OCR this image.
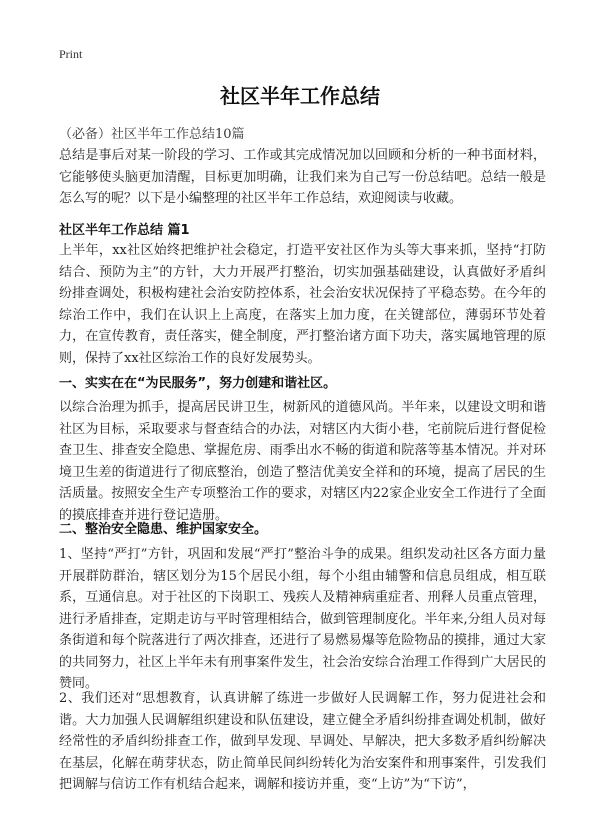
Print
社区半年工作总结
（必备）社区半年工作总结10篇
总结是事后对某一阶段的学习、工作或其完成情况加以回顾和分析的一种书面材料，它能够使头脑更加清醒，目标更加明确，让我们来为自己写一份总结吧。总结一般是怎么写的呢？以下是小编整理的社区半年工作总结，欢迎阅读与收藏。
社区半年工作总结 篇1
上半年，xx社区始终把维护社会稳定，打造平安社区作为头等大事来抓，坚持“打防结合、预防为主”的方针，大力开展严打整治，切实加强基础建设，认真做好矛盾纠纷排查调处，积极构建社会治安防控体系，社会治安状况保持了平稳态势。在今年的综治工作中，我们在认识上上高度，在落实上加力度，在关键部位，薄弱环节处着力，在宣传教育，责任落实，健全制度，严打整治诸方面下功夫，落实属地管理的原则，保持了xx社区综治工作的良好发展势头。
一、实实在在“为民服务”，努力创建和谐社区。
以综合治理为抓手，提高居民讲卫生，树新风的道德风尚。半年来，以建设文明和谐社区为目标，采取要求与督查结合的办法，对辖区内大街小巷，宅前院后进行督促检查卫生、排查安全隐患、掌握危房、雨季出水不畅的街道和院落等基本情况。并对环境卫生差的街道进行了彻底整治，创造了整洁优美安全祥和的环境，提高了居民的生活质量。按照安全生产专项整治工作的要求，对辖区内22家企业安全工作进行了全面的摸底排查并进行登记造册。
二、整治安全隐患、维护国家安全。
1、坚持“严打”方针，巩固和发展“严打”整治斗争的成果。组织发动社区各方面力量开展群防群治，辖区划分为15个居民小组，每个小组由辅警和信息员组成，相互联系，互通信息。对于社区的下岗职工、残疾人及精神病重症者、刑释人员重点管理，进行矛盾排查，定期走访与平时管理相结合，做到管理制度化。半年来,分组人员对每条街道和每个院落进行了两次排查，还进行了易燃易爆等危险物品的摸排，通过大家的共同努力，社区上半年未有刑事案件发生，社会治安综合治理工作得到广大居民的赞同。
2、我们还对“思想教育，认真讲解了练进一步做好人民调解工作，努力促进社会和谐。大力加强人民调解组织建设和队伍建设，建立健全矛盾纠纷排查调处机制，做好经常性的矛盾纠纷排查工作，做到早发现、早调处、早解决，把大多数矛盾纠纷解决在基层，化解在萌芽状态，防止简单民间纠纷转化为治安案件和刑事案件，引发我们把调解与信访工作有机结合起来，调解和接访并重，变“上访”为“下访”，
